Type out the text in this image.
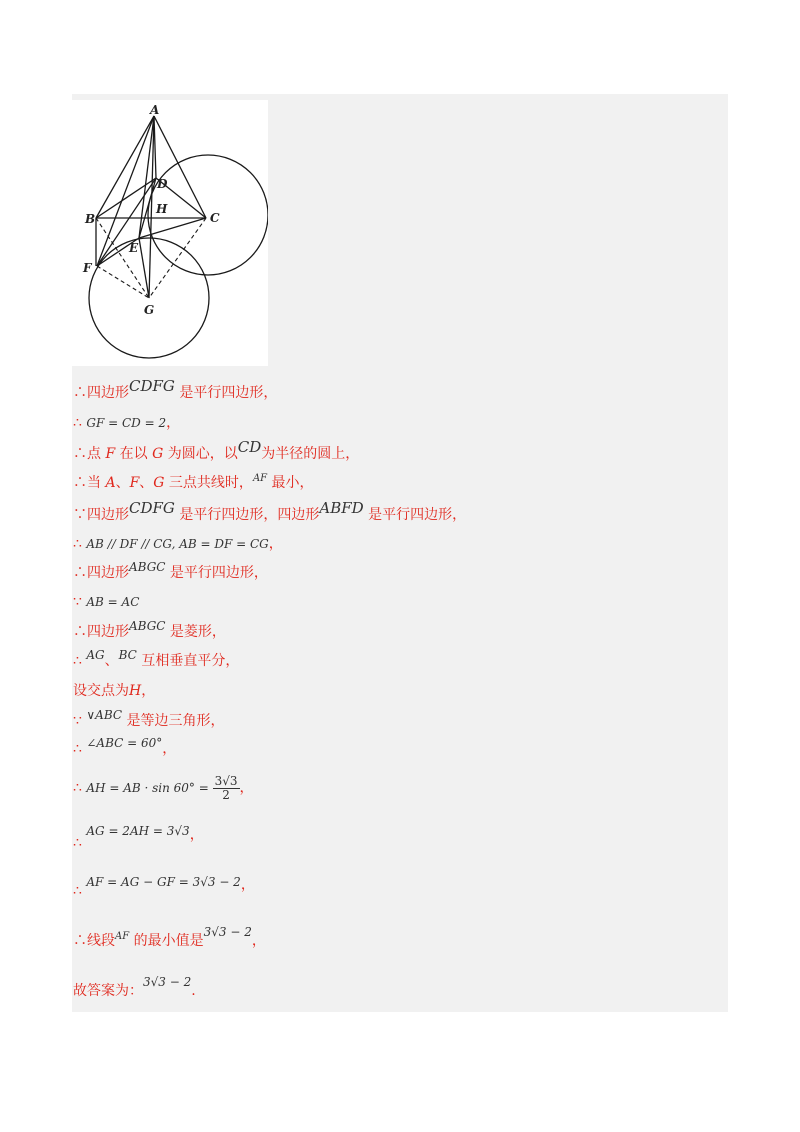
A
B	C
D
E
F
G
H
∴四边形CDFG 是平行四边形，
∴ GF = CD = 2，
∴点 F 在以 G 为圆心，以CD为半径的圆上，
∴当 A、F、G 三点共线时，$^{AF}$ 最小，
∵四边形CDFG 是平行四边形，四边形ABFD 是平行四边形，
∴ AB // DF // CG, AB = DF = CG，
∴四边形ABGC 是平行四边形，
∵ AB = AC
∴四边形ABGC 是菱形，
∴ AG、BC 互相垂直平分，
设交点为H，
∵ ∨ABC 是等边三角形，
∴ ∠ABC = 60°，
∴ AH = AB · $\sin 60^\circ = \frac{3√3}{2}$ ，
∴ AG = 2AH = 3√3，
∴ AF = AG − GF = 3√3 − 2，
∴线段$^{AF}$ 的最小值是3√3 − 2，
故答案为：3√3 − 2.
